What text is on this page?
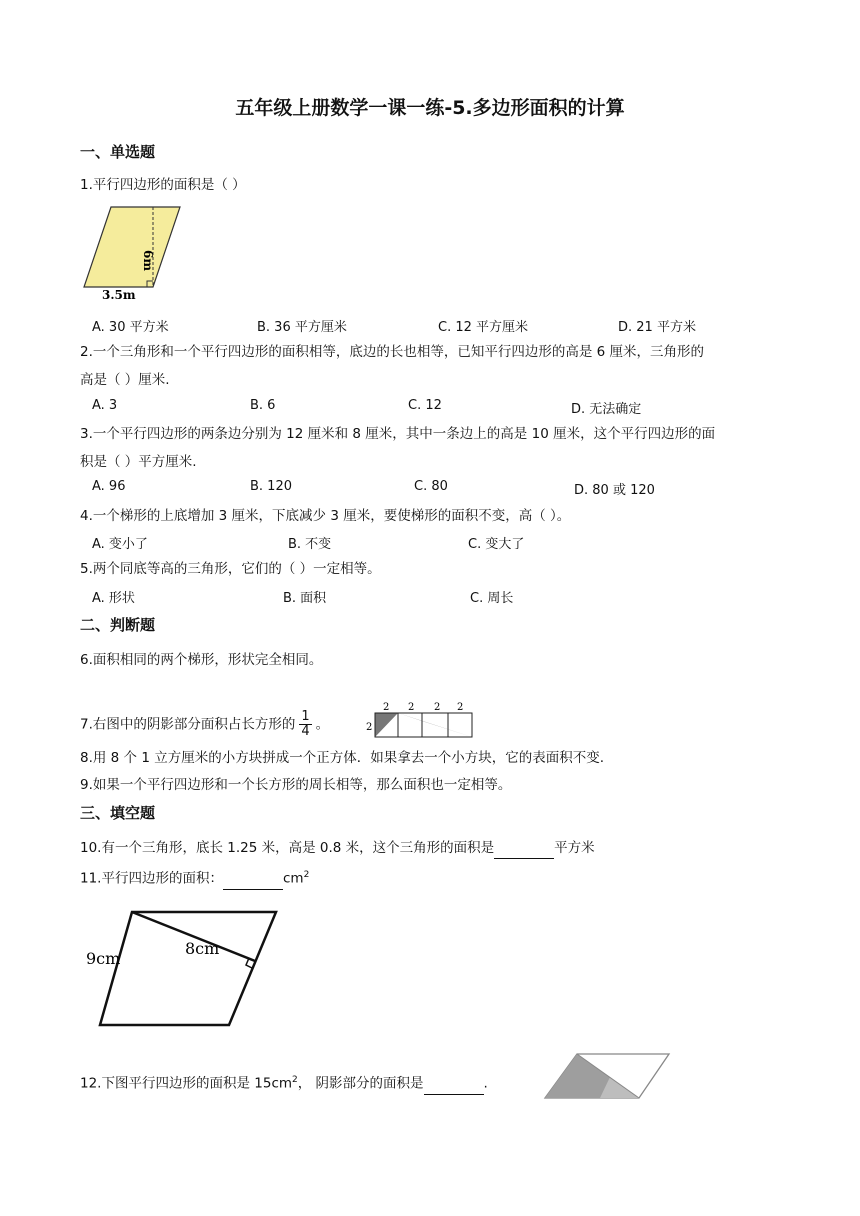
五年级上册数学一课一练-5.多边形面积的计算
一、单选题
1.平行四边形的面积是（ ）
6m
3.5m
A. 30 平方米	B. 36 平方厘米	C. 12 平方厘米	D. 21 平方米
2.一个三角形和一个平行四边形的面积相等，底边的长也相等，已知平行四边形的高是 6 厘米，三角形的
高是（ ）厘米.
A. 3	B. 6	C. 12	D. 无法确定
3.一个平行四边形的两条边分别为 12 厘米和 8 厘米，其中一条边上的高是 10 厘米，这个平行四边形的面
积是（ ）平方厘米.
A. 96	B. 120	C. 80	D. 80 或 120
4.一个梯形的上底增加 3 厘米，下底减少 3 厘米，要使梯形的面积不变，高（ ）。
A. 变小了	B. 不变	C. 变大了
5.两个同底等高的三角形，它们的（ ）一定相等。
A. 形状	B. 面积	C. 周长
二、判断题
6.面积相同的两个梯形，形状完全相同。
7.右图中的阴影部分面积占长方形的 $\frac{1}{4}$ 。
2 2 2 2
2
8.用 8 个 1 立方厘米的小方块拼成一个正方体．如果拿去一个小方块，它的表面积不变.
9.如果一个平行四边形和一个长方形的周长相等，那么面积也一定相等。
三、填空题
10.有一个三角形，底长 1.25 米，高是 0.8 米，这个三角形的面积是	平方米
11.平行四边形的面积：	$cm^2$
9cm
8cm
12.下图平行四边形的面积是 $15cm^2$， 阴影部分的面积是	.
